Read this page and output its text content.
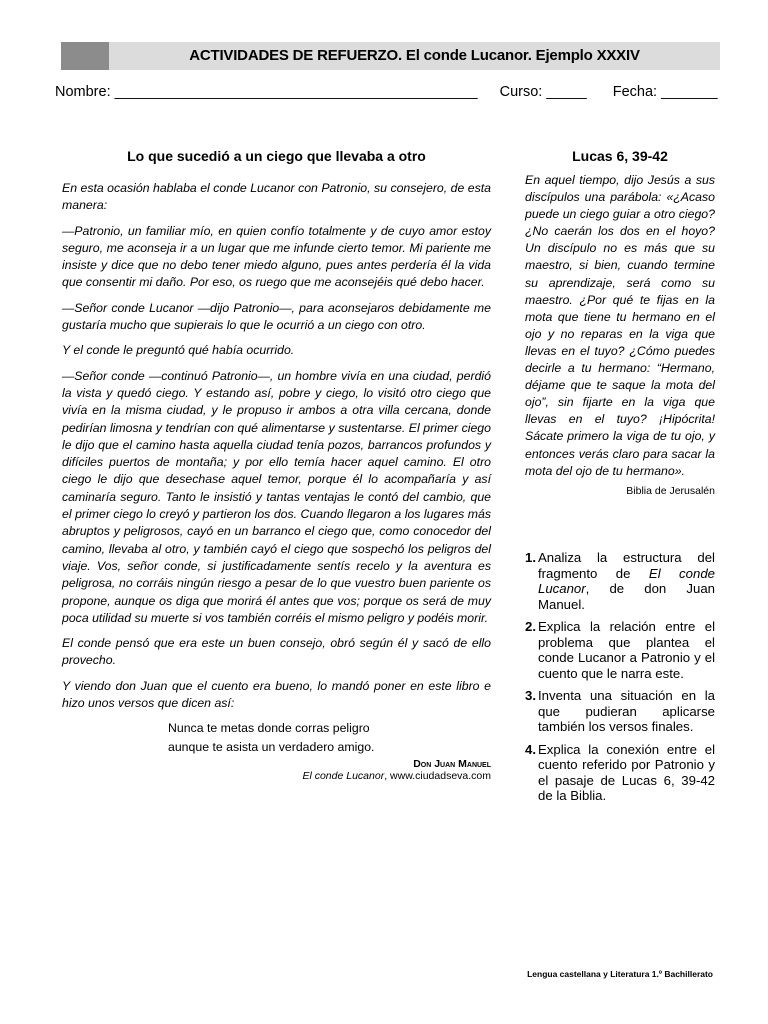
ACTIVIDADES DE REFUERZO. El conde Lucanor. Ejemplo XXXIV
Nombre: _____________________________________________ Curso: _____ Fecha: _______
Lo que sucedió a un ciego que llevaba a otro

En esta ocasión hablaba el conde Lucanor con Patronio, su consejero, de esta manera:

—Patronio, un familiar mío, en quien confío totalmente y de cuyo amor estoy seguro, me aconseja ir a un lugar que me infunde cierto temor. Mi pariente me insiste y dice que no debo tener miedo alguno, pues antes perdería él la vida que consentir mi daño. Por eso, os ruego que me aconsejéis qué debo hacer.

—Señor conde Lucanor —dijo Patronio—, para aconsejaros debidamente me gustaría mucho que supierais lo que le ocurrió a un ciego con otro.

Y el conde le preguntó qué había ocurrido.

—Señor conde —continuó Patronio—, un hombre vivía en una ciudad, perdió la vista y quedó ciego. Y estando así, pobre y ciego, lo visitó otro ciego que vivía en la misma ciudad, y le propuso ir ambos a otra villa cercana, donde pedirían limosna y tendrían con qué alimentarse y sustentarse. El primer ciego le dijo que el camino hasta aquella ciudad tenía pozos, barrancos profundos y difíciles puertos de montaña; y por ello temía hacer aquel camino. El otro ciego le dijo que desechase aquel temor, porque él lo acompañaría y así caminaría seguro. Tanto le insistió y tantas ventajas le contó del cambio, que el primer ciego lo creyó y partieron los dos. Cuando llegaron a los lugares más abruptos y peligrosos, cayó en un barranco el ciego que, como conocedor del camino, llevaba al otro, y también cayó el ciego que sospechó los peligros del viaje. Vos, señor conde, si justificadamente sentís recelo y la aventura es peligrosa, no corráis ningún riesgo a pesar de lo que vuestro buen pariente os propone, aunque os diga que morirá él antes que vos; porque os será de muy poca utilidad su muerte si vos también corréis el mismo peligro y podéis morir.

El conde pensó que era este un buen consejo, obró según él y sacó de ello provecho.

Y viendo don Juan que el cuento era bueno, lo mandó poner en este libro e hizo unos versos que dicen así:

Nunca te metas donde corras peligro
aunque te asista un verdadero amigo.
Don Juan Manuel
El conde Lucanor, www.ciudadseva.com
Lucas 6, 39-42

En aquel tiempo, dijo Jesús a sus discípulos una parábola: «¿Acaso puede un ciego guiar a otro ciego? ¿No caerán los dos en el hoyo? Un discípulo no es más que su maestro, si bien, cuando termine su aprendizaje, será como su maestro. ¿Por qué te fijas en la mota que tiene tu hermano en el ojo y no reparas en la viga que llevas en el tuyo? ¿Cómo puedes decirle a tu hermano: “Hermano, déjame que te saque la mota del ojo”, sin fijarte en la viga que llevas en el tuyo? ¡Hipócrita! Sácate primero la viga de tu ojo, y entonces verás claro para sacar la mota del ojo de tu hermano».

Biblia de Jerusalén
1. Analiza la estructura del fragmento de El conde Lucanor, de don Juan Manuel.
2. Explica la relación entre el problema que plantea el conde Lucanor a Patronio y el cuento que le narra este.
3. Inventa una situación en la que pudieran aplicarse también los versos finales.
4. Explica la conexión entre el cuento referido por Patronio y el pasaje de Lucas 6, 39-42 de la Biblia.
Lengua castellana y Literatura 1.º Bachillerato
